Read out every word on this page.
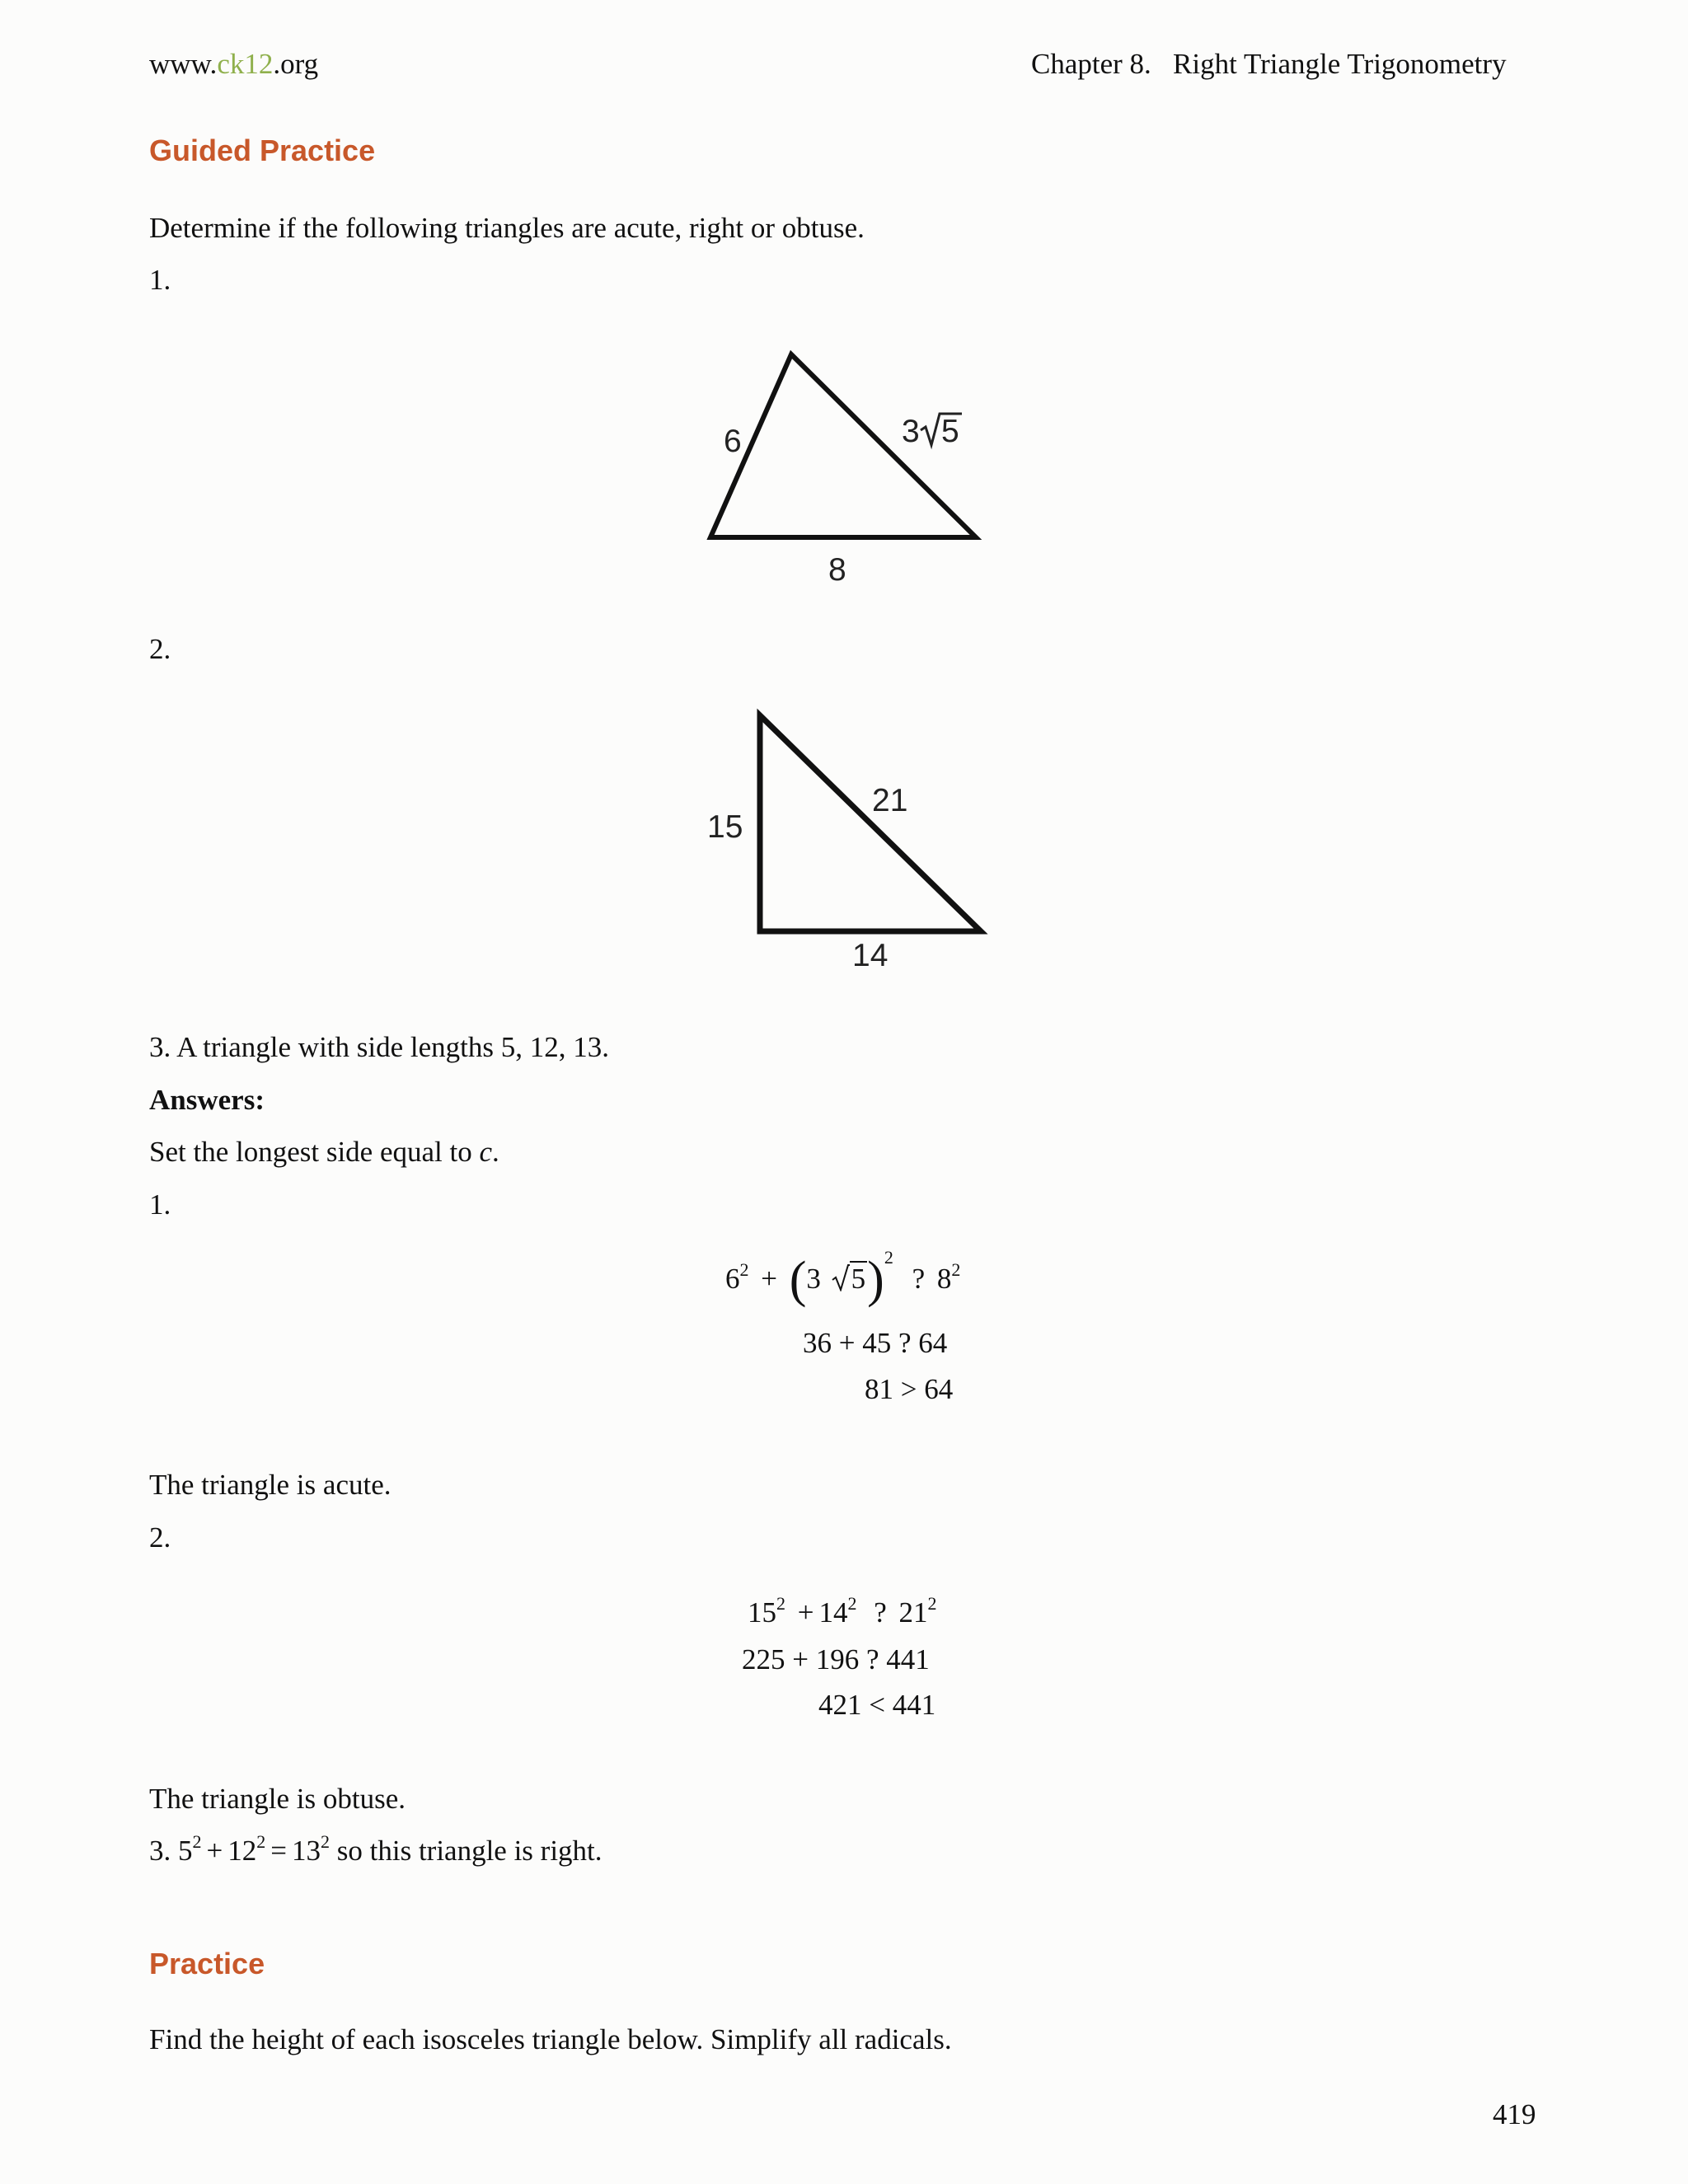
www.ck12.org	Chapter 8. Right Triangle Trigonometry
Guided Practice
Determine if the following triangles are acute, right or obtuse.
1.
6
8
3 5
2.
15
21
14
3. A triangle with side lengths 5, 12, 13.
Answers:
Set the longest side equal to c.
1.
$6^2 + (3$ 5)$^2$ ? $8^2$
36 + 45 ? 64
81 > 64
The triangle is acute.
2.
$15^2 + 14^2$ ? $21^2$
225 + 196 ? 441
421 < 441
The triangle is obtuse.
3. $5^2 + 12^2 = 13^2$ so this triangle is right.
Practice
Find the height of each isosceles triangle below. Simplify all radicals.
419
